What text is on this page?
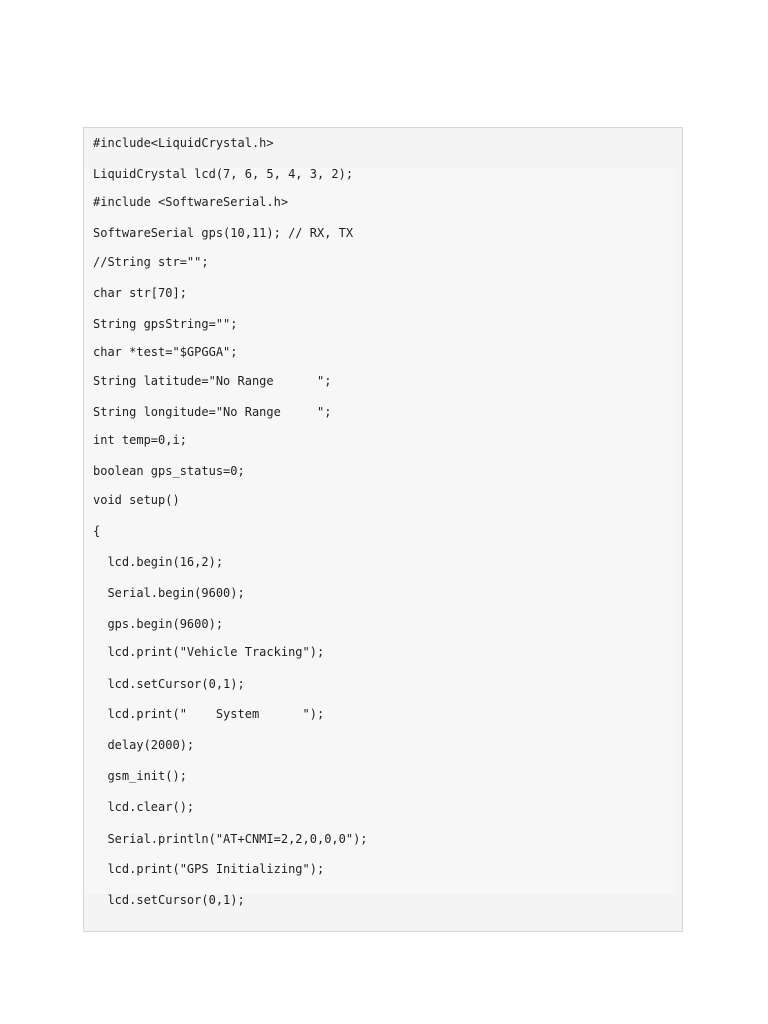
#include<LiquidCrystal.h>
LiquidCrystal lcd(7, 6, 5, 4, 3, 2);
#include <SoftwareSerial.h>
SoftwareSerial gps(10,11); // RX, TX
//String str="";
char str[70];
String gpsString="";
char *test="$GPGGA";
String latitude="No Range      ";
String longitude="No Range     ";
int temp=0,i;
boolean gps_status=0;
void setup()
{
lcd.begin(16,2);
Serial.begin(9600);
gps.begin(9600);
lcd.print("Vehicle Tracking");
lcd.setCursor(0,1);
lcd.print("    System      ");
delay(2000);
gsm_init();
lcd.clear();
Serial.println("AT+CNMI=2,2,0,0,0");
lcd.print("GPS Initializing");
lcd.setCursor(0,1);
